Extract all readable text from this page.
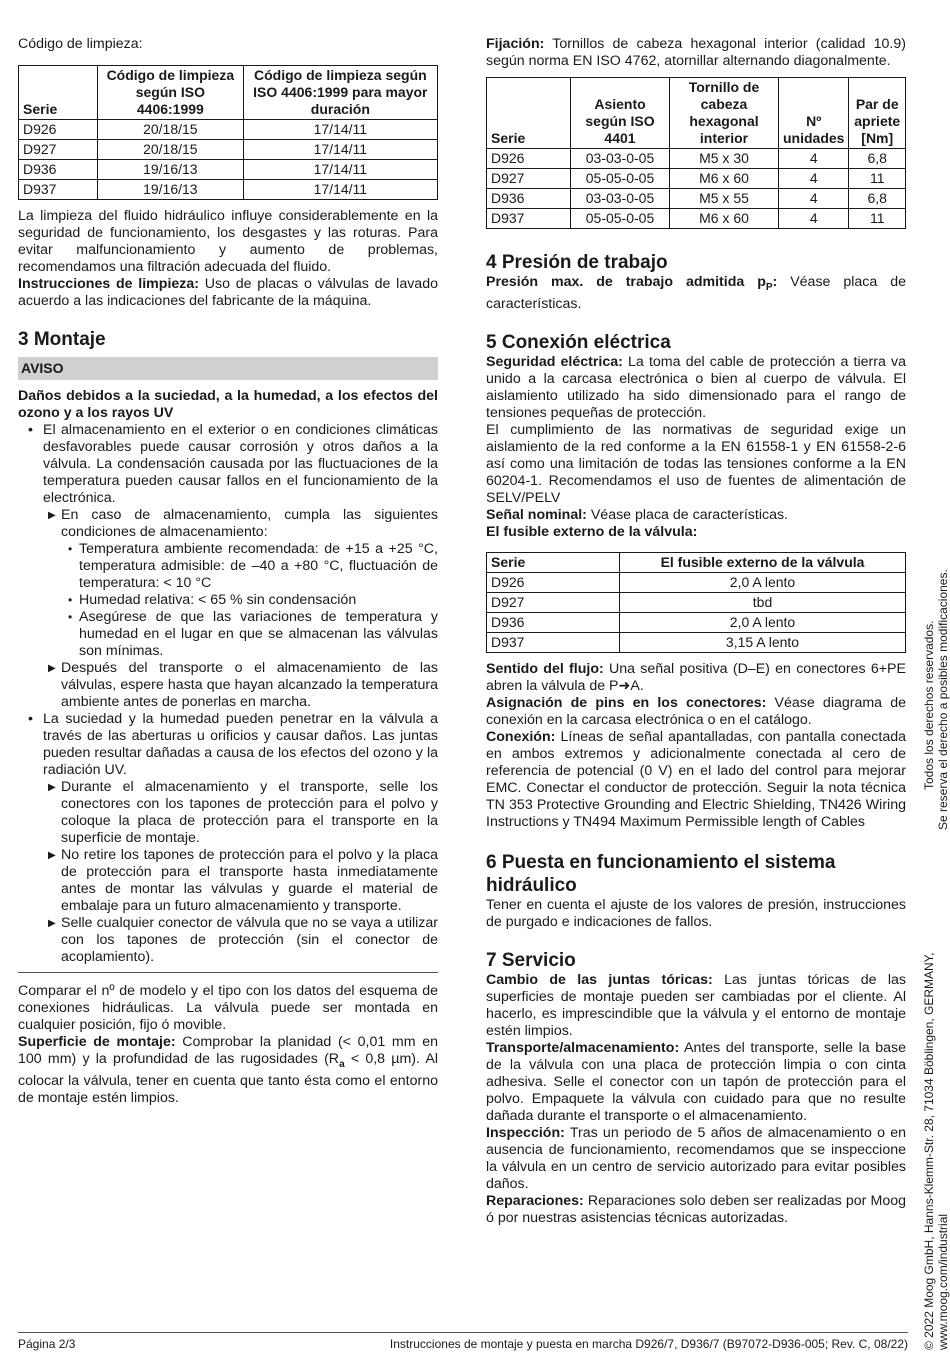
Código de limpieza:

Serie	Código de limpieza según ISO 4406:1999	Código de limpieza según ISO 4406:1999 para mayor duración
D926	20/18/15	17/14/11
D927	20/18/15	17/14/11
D936	19/16/13	17/14/11
D937	19/16/13	17/14/11

La limpieza del fluido hidráulico influye considerablemente en la seguridad de funcionamiento, los desgastes y las roturas. Para evitar malfuncionamiento y aumento de problemas, recomendamos una filtración adecuada del fluido.

Instrucciones de limpieza: Uso de placas o válvulas de lavado acuerdo a las indicaciones del fabricante de la máquina.

3 Montaje
AVISO

Daños debidos a la suciedad, a la humedad, a los efectos del ozono y a los rayos UV

• El almacenamiento en el exterior o en condiciones climáticas desfavorables puede causar corrosión y otros daños a la válvula. La condensación causada por las fluctuaciones de la temperatura pueden causar fallos en el funcionamiento de la electrónica.

▶ En caso de almacenamiento, cumpla las siguientes condiciones de almacenamiento:

• Temperatura ambiente recomendada: de +15 a +25 °C, temperatura admisible: de –40 a +80 °C, fluctuación de temperatura: < 10 °C

• Humedad relativa: < 65 % sin condensación

• Asegúrese de que las variaciones de temperatura y humedad en el lugar en que se almacenan las válvulas son mínimas.

▶ Después del transporte o el almacenamiento de las válvulas, espere hasta que hayan alcanzado la temperatura ambiente antes de ponerlas en marcha.

• La suciedad y la humedad pueden penetrar en la válvula a través de las aberturas u orificios y causar daños. Las juntas pueden resultar dañadas a causa de los efectos del ozono y la radiación UV.

▶ Durante el almacenamiento y el transporte, selle los conectores con los tapones de protección para el polvo y coloque la placa de protección para el transporte en la superficie de montaje.

▶ No retire los tapones de protección para el polvo y la placa de protección para el transporte hasta inmediatamente antes de montar las válvulas y guarde el material de embalaje para un futuro almacenamiento y transporte.

▶ Selle cualquier conector de válvula que no se vaya a utilizar con los tapones de protección (sin el conector de acoplamiento).

Comparar el nº de modelo y el tipo con los datos del esquema de conexiones hidráulicas. La válvula puede ser montada en cualquier posición, fijo ó movible.

Superficie de montaje: Comprobar la planidad (< 0,01 mm en 100 mm) y la profundidad de las rugosidades ($R_a < 0,8$ µm). Al colocar la válvula, tener en cuenta que tanto ésta como el entorno de montaje estén limpios.

Fijación: Tornillos de cabeza hexagonal interior (calidad 10.9) según norma EN ISO 4762, atornillar alternando diagonalmente.

Serie	Asiento según ISO 4401	Tornillo de cabeza hexagonal interior	Nº unidades	Par de apriete [Nm]
D926	03-03-0-05	M5 x 30	4	6,8
D927	05-05-0-05	M6 x 60	4	11
D936	03-03-0-05	M5 x 55	4	6,8
D937	05-05-0-05	M6 x 60	4	11
4 Presión de trabajo

Presión max. de trabajo admitida $p_P$: Véase placa de características.

5 Conexión eléctrica

Seguridad eléctrica: La toma del cable de protección a tierra va unido a la carcasa electrónica o bien al cuerpo de válvula. El aislamiento utilizado ha sido dimensionado para el rango de tensiones pequeñas de protección.

El cumplimiento de las normativas de seguridad exige un aislamiento de la red conforme a la EN 61558-1 y EN 61558-2-6 así como una limitación de todas las tensiones conforme a la EN 60204-1. Recomendamos el uso de fuentes de alimentación de SELV/PELV

Señal nominal: Véase placa de características.

El fusible externo de la válvula:

Serie	El fusible externo de la válvula
D926	2,0 A lento
D927	tbd
D936	2,0 A lento
D937	3,15 A lento

Sentido del flujo: Una señal positiva (D–E) en conectores 6+PE abren la válvula de P➜A.

Asignación de pins en los conectores: Véase diagrama de conexión en la carcasa electrónica o en el catálogo.

Conexión: Líneas de señal apantalladas, con pantalla conectada en ambos extremos y adicionalmente conectada al cero de referencia de potencial (0 V) en el lado del control para mejorar EMC. Conectar el conductor de protección. Seguir la nota técnica TN 353 Protective Grounding and Electric Shielding, TN426 Wiring Instructions y TN494 Maximum Permissible length of Cables

6 Puesta en funcionamiento el sistema hidráulico

Tener en cuenta el ajuste de los valores de presión, instrucciones de purgado e indicaciones de fallos.

7 Servicio

Cambio de las juntas tóricas: Las juntas tóricas de las superficies de montaje pueden ser cambiadas por el cliente. Al hacerlo, es imprescindible que la válvula y el entorno de montaje estén limpios.

Transporte/almacenamiento: Antes del transporte, selle la base de la válvula con una placa de protección limpia o con cinta adhesiva. Selle el conector con un tapón de protección para el polvo. Empaquete la válvula con cuidado para que no resulte dañada durante el transporte o el almacenamiento.

Inspección: Tras un periodo de 5 años de almacenamiento o en ausencia de funcionamiento, recomendamos que se inspeccione la válvula en un centro de servicio autorizado para evitar posibles daños.

Reparaciones: Reparaciones solo deben ser realizadas por Moog ó por nuestras asistencias técnicas autorizadas.

Todos los derechos reservados. Se reserva el derecho a posibles modificaciones.
© 2022 Moog GmbH, Hanns-Klemm-Str. 28, 71034 Böblingen, GERMANY, www.moog.com/industrial
Página 2/3	Instrucciones de montaje y puesta en marcha D926/7, D936/7 (B97072-D936-005; Rev. C, 08/22)
